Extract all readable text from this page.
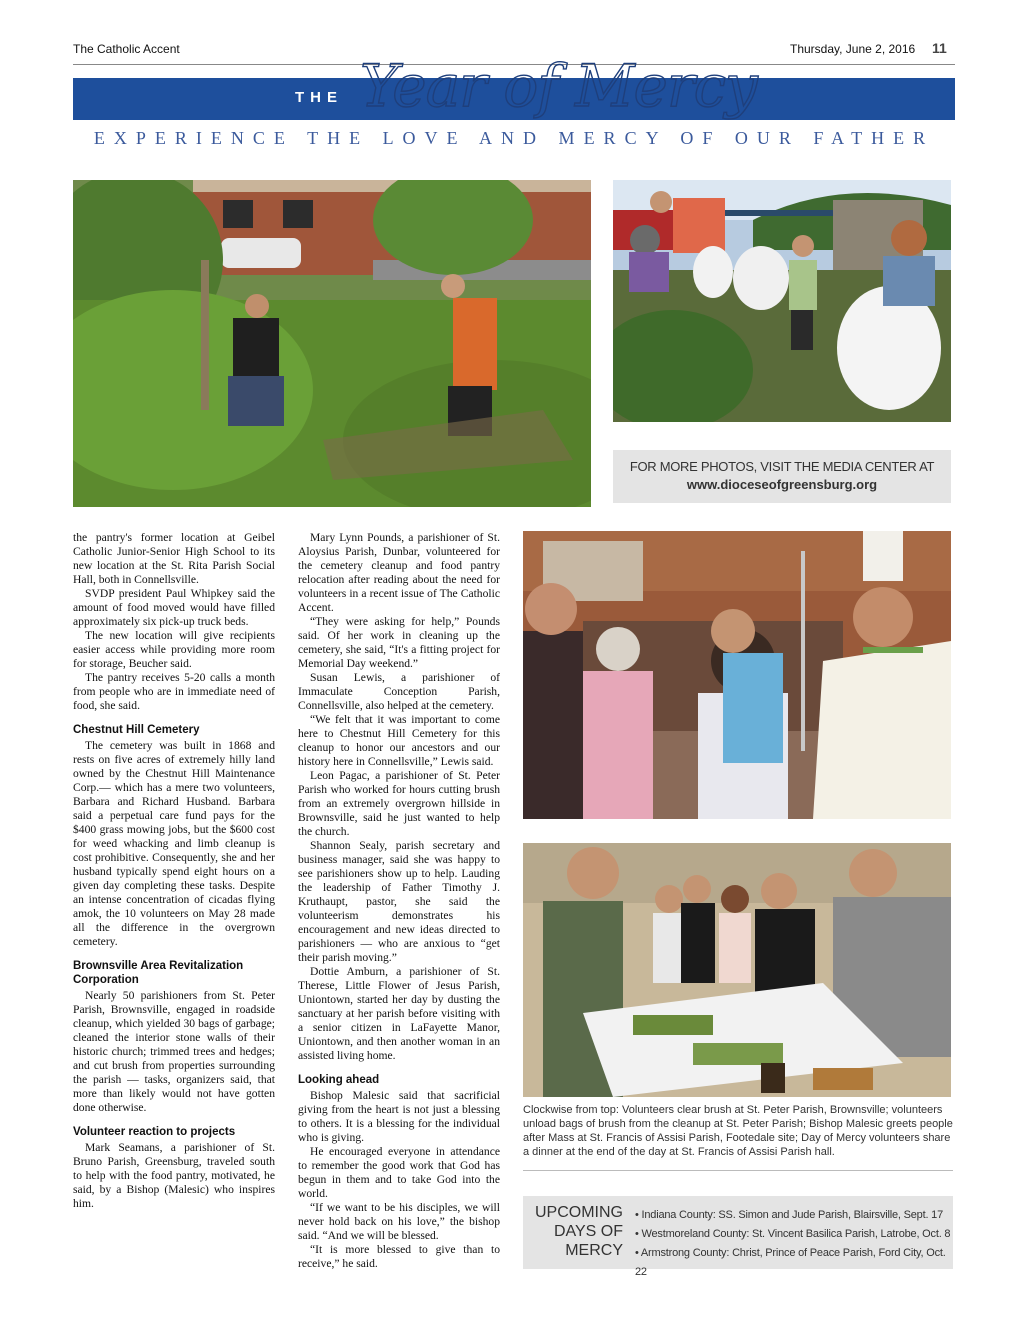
The Catholic Accent	Thursday, June 2, 2016 11
THE Year of Mercy
EXPERIENCE THE LOVE AND MERCY OF OUR FATHER
FOR MORE PHOTOS, VISIT THE MEDIA CENTER AT
www.dioceseofgreensburg.org

the pantry's former location at Geibel Catholic Junior-Senior High School to its new location at the St. Rita Parish Social Hall, both in Connellsville.

SVDP president Paul Whipkey said the amount of food moved would have filled approximately six pick-up truck beds.

The new location will give recipients easier access while providing more room for storage, Beucher said.

The pantry receives 5-20 calls a month from people who are in immediate need of food, she said.

Chestnut Hill Cemetery

The cemetery was built in 1868 and rests on five acres of extremely hilly land owned by the Chestnut Hill Maintenance Corp.— which has a mere two volunteers, Barbara and Richard Husband. Barbara said a perpetual care fund pays for the $400 grass mowing jobs, but the $600 cost for weed whacking and limb cleanup is cost prohibitive. Consequently, she and her husband typically spend eight hours on a given day completing these tasks. Despite an intense concentration of cicadas flying amok, the 10 volunteers on May 28 made all the difference in the overgrown cemetery.

Brownsville Area Revitalization Corporation

Nearly 50 parishioners from St. Peter Parish, Brownsville, engaged in roadside cleanup, which yielded 30 bags of garbage; cleaned the interior stone walls of their historic church; trimmed trees and hedges; and cut brush from properties surrounding the parish — tasks, organizers said, that more than likely would not have gotten done otherwise.

Volunteer reaction to projects

Mark Seamans, a parishioner of St. Bruno Parish, Greensburg, traveled south to help with the food pantry, motivated, he said, by a Bishop (Malesic) who inspires him.

Mary Lynn Pounds, a parishioner of St. Aloysius Parish, Dunbar, volunteered for the cemetery cleanup and food pantry relocation after reading about the need for volunteers in a recent issue of The Catholic Accent.

“They were asking for help,” Pounds said. Of her work in cleaning up the cemetery, she said, “It's a fitting project for Memorial Day weekend.”

Susan Lewis, a parishioner of Immaculate Conception Parish, Connellsville, also helped at the cemetery.

“We felt that it was important to come here to Chestnut Hill Cemetery for this cleanup to honor our ancestors and our history here in Connellsville,” Lewis said.

Leon Pagac, a parishioner of St. Peter Parish who worked for hours cutting brush from an extremely overgrown hillside in Brownsville, said he just wanted to help the church.

Shannon Sealy, parish secretary and business manager, said she was happy to see parishioners show up to help. Lauding the leadership of Father Timothy J. Kruthaupt, pastor, she said the volunteerism demonstrates his encouragement and new ideas directed to parishioners — who are anxious to “get their parish moving.”

Dottie Amburn, a parishioner of St. Therese, Little Flower of Jesus Parish, Uniontown, started her day by dusting the sanctuary at her parish before visiting with a senior citizen in LaFayette Manor, Uniontown, and then another woman in an assisted living home.

Looking ahead

Bishop Malesic said that sacrificial giving from the heart is not just a blessing to others. It is a blessing for the individual who is giving.

He encouraged everyone in attendance to remember the good work that God has begun in them and to take God into the world.

“If we want to be his disciples, we will never hold back on his love,” the bishop said. “And we will be blessed.

“It is more blessed to give than to receive,” he said.

Clockwise from top: Volunteers clear brush at St. Peter Parish, Brownsville; volunteers unload bags of brush from the cleanup at St. Peter Parish; Bishop Malesic greets people after Mass at St. Francis of Assisi Parish, Footedale site; Day of Mercy volunteers share a dinner at the end of the day at St. Francis of Assisi Parish hall.
UPCOMING
DAYS OF
MERCY
• Indiana County: SS. Simon and Jude Parish, Blairsville, Sept. 17
• Westmoreland County: St. Vincent Basilica Parish, Latrobe, Oct. 8
• Armstrong County: Christ, Prince of Peace Parish, Ford City, Oct. 22
